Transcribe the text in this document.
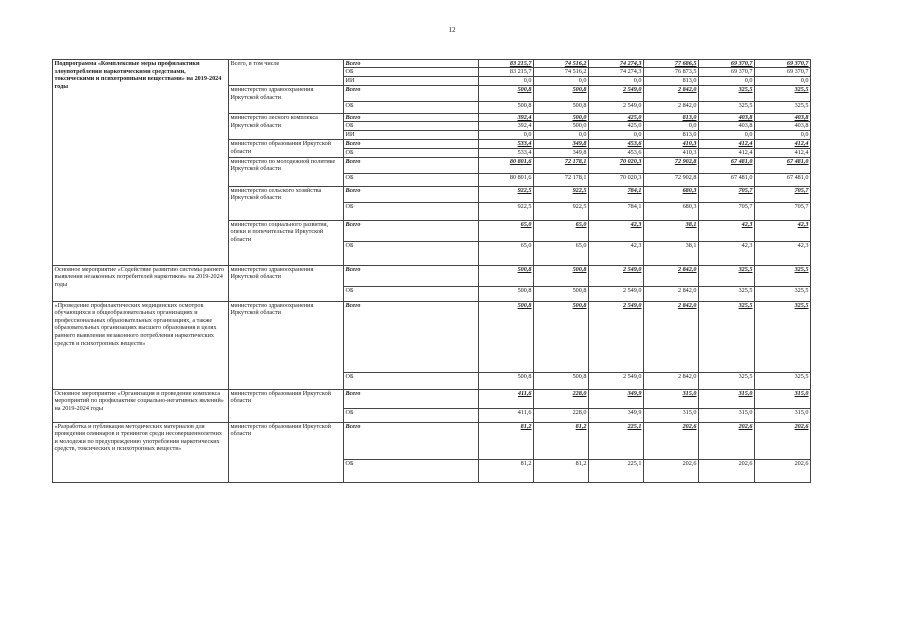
12
Подпрограмма «Комплексные меры профилактики злоупотребления наркотическими средствами, токсическими и психотропными веществами» на 2019-2024 годы	Всего, в том числе	Всего	83 215,7	74 516,2	74 274,3	77 686,5	69 370,7	69 370,7
		ОБ	83 215,7	74 516,2	74 274,3	76 873,5	69 370,7	69 370,7
		ИИ	0,0	0,0	0,0	813,0	0,0	0,0
	министерство здравоохранения Иркутской области	Всего	500,8	500,8	2 549,0	2 842,0	325,5	325,5
		ОБ	500,8	500,8	2 549,0	2 842,0	325,5	325,5
	министерство лесного комплекса Иркутской области	Всего	392,4	500,0	425,0	813,0	403,8	403,8
		ОБ	392,4	500,0	425,0	0,0	403,8	403,8
		ИИ	0,0	0,0	0,0	813,0	0,0	0,0
	министерство образования Иркутской области	Всего	533,4	349,8	453,6	410,3	412,4	412,4
		ОБ	533,4	349,8	453,6	410,3	412,4	412,4
	министерство по молодежной политике Иркутской области	Всего	80 801,6	72 178,1	70 020,3	72 902,8	67 481,0	67 481,0
		ОБ	80 801,6	72 178,1	70 020,3	72 902,8	67 481,0	67 481,0
	министерство сельского хозяйства Иркутской области	Всего	922,5	922,5	784,1	680,3	705,7	705,7
		ОБ	922,5	922,5	784,1	680,3	705,7	705,7
	министерство социального развития, опеки и попечительства Иркутской области	Всего	65,0	65,0	42,3	38,1	42,3	42,3
		ОБ	65,0	65,0	42,3	38,1	42,3	42,3
Основное мероприятие «Содействие развитию системы раннего выявления незаконных потребителей наркотиков» на 2019-2024 годы	министерство здравоохранения Иркутской области	Всего	500,8	500,8	2 549,0	2 842,0	325,5	325,5
		ОБ	500,8	500,8	2 549,0	2 842,0	325,5	325,5
«Проведение профилактических медицинских осмотров обучающихся в общеобразовательных организациях и профессиональных образовательных организациях, а также образовательных организациях высшего образования в целях раннего выявления незаконного потребления наркотических средств и психотропных веществ»	министерство здравоохранения Иркутской области	Всего	500,8	500,8	2 549,0	2 842,0	325,5	325,5
		ОБ	500,8	500,8	2 549,0	2 842,0	325,5	325,5
Основное мероприятие «Организация и проведение комплекса мероприятий по профилактике социально-негативных явлений» на 2019-2024 годы	министерство образования Иркутской области	Всего	411,6	228,0	349,9	315,0	315,0	315,0
		ОБ	411,6	228,0	349,9	315,0	315,0	315,0
«Разработка и публикация методических материалов для проведения семинаров и тренингов среди несовершеннолетних и молодежи по предупреждению употребления наркотических средств, токсических и психотропных веществ»	министерство образования Иркутской области	Всего	81,2	81,2	225,1	202,6	202,6	202,6
		ОБ	81,2	81,2	225,1	202,6	202,6	202,6
